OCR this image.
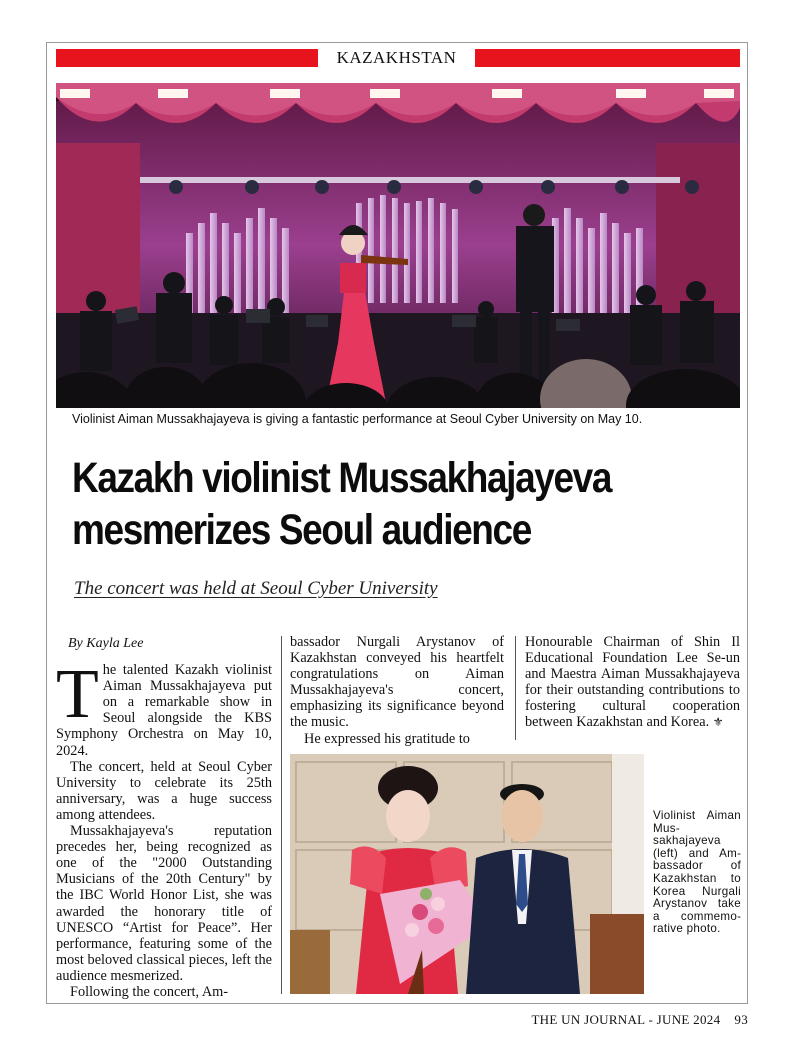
KAZAKHSTAN
Violinist Aiman Mussakhajayeva is giving a fantastic performance at Seoul Cyber University on May 10.
Kazakh violinist Mussakhajayeva
mesmerizes Seoul audience
The concert was held at Seoul Cyber University
By Kayla Lee

The talented Kazakh violinist Aiman Mussakhajayeva put on a remarkable show in Seoul alongside the KBS Symphony Orchestra on May 10, 2024.

The concert, held at Seoul Cyber University to celebrate its 25th anniversary, was a huge success among attendees.

Mussakhajayeva's reputation precedes her, being recognized as one of the "2000 Outstanding Musicians of the 20th Century" by the IBC World Honor List, she was awarded the honorary title of UNESCO “Artist for Peace”. Her performance, featuring some of the most beloved classical pieces, left the audience mesmerized.

Following the concert, Am-

bassador Nurgali Arystanov of Kazakhstan conveyed his heartfelt congratulations on Aiman Mussakhajayeva's concert, emphasizing its significance beyond the music.

He expressed his gratitude to

Honourable Chairman of Shin Il Educational Foundation Lee Se-un and Maestra Aiman Mussakhajayeva for their outstanding contributions to fostering cultural cooperation between Kazakhstan and Korea. ⚜

Violinist Aiman Mussakhajayeva (left) and Ambassador of Kazakhstan to Korea Nurgali Arystanov take a commemorative photo.
THE UN JOURNAL - JUNE 2024 93
